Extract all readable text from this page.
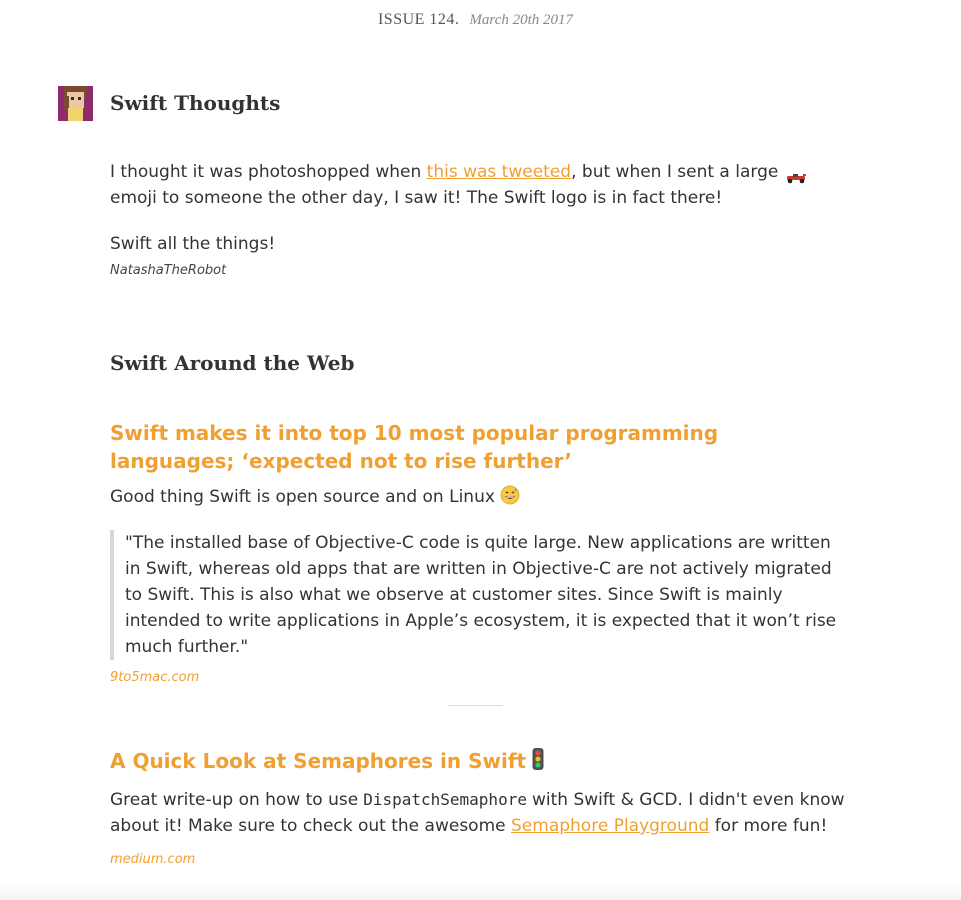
ISSUE 124. March 20th 2017
Swift Thoughts

I thought it was photoshopped when this was tweeted, but when I sent a large emoji to someone the other day, I saw it! The Swift logo is in fact there!

Swift all the things!

NatashaTheRobot
Swift Around the Web
Swift makes it into top 10 most popular programming languages; ‘expected not to rise further’

Good thing Swift is open source and on Linux

"The installed base of Objective-C code is quite large. New applications are written in Swift, whereas old apps that are written in Objective-C are not actively migrated to Swift. This is also what we observe at customer sites. Since Swift is mainly intended to write applications in Apple’s ecosystem, it is expected that it won’t rise much further."
9to5mac.com
A Quick Look at Semaphores in Swift

Great write-up on how to use DispatchSemaphore with Swift & GCD. I didn't even know about it! Make sure to check out the awesome Semaphore Playground for more fun!

medium.com
